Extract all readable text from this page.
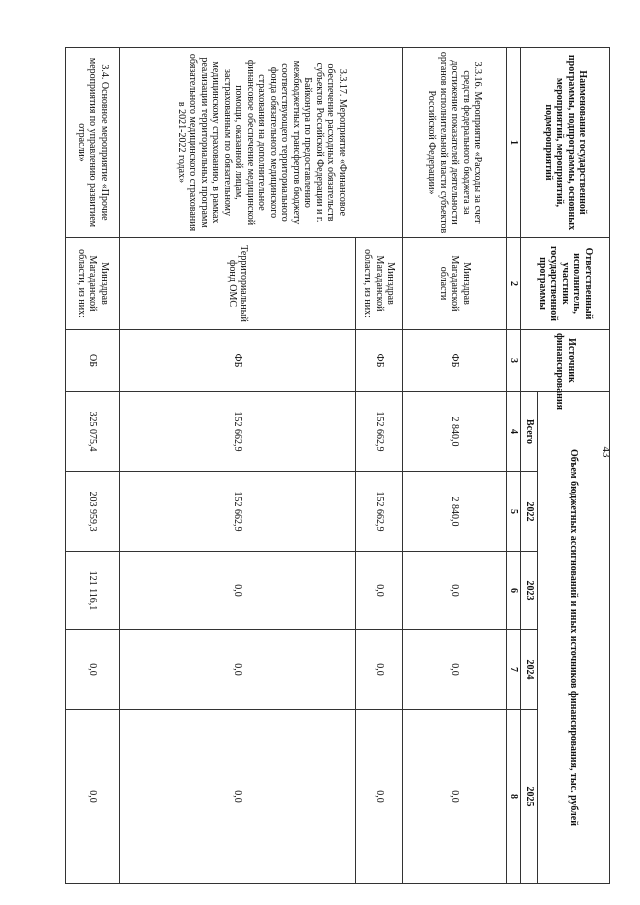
43
Наименование государственной программы, подпрограммы, основных мероприятий, мероприятий, подмероприятий	Ответственный исполнитель, участник государственной программы	Источник финансирования	Объем бюджетных ассигнований и иных источников финансирования, тыс. рублей				
			Всего	2022	2023	2024	2025
1	2	3	4	5	6	7	8
3.3.16. Мероприятие «Расходы за счет средств федерального бюджета за достижение показателей деятельности органов исполнительной власти субъектов Российской Федерации»	Минздрав Магаданской области	ФБ	2 840,0	2 840,0	0,0	0,0	0,0
3.3.17. Мероприятие «Финансовое обеспечение расходных обязательств субъектов Российской Федерации и г. Байконура по предоставлению межбюджетных трансфертов бюджету соответствующего территориального фонда обязательного медицинского страхования на дополнительное финансовое обеспечение медицинской помощи, оказанной лицам, застрахованным по обязательному медицинскому страхованию, в рамках реализации территориальных программ обязательного медицинского страхования в 2021-2022 годах»	Минздрав Магаданской области, из них:	ФБ	152 662,9	152 662,9	0,0	0,0	0,0
	Территориальный фонд ОМС	ФБ	152 662,9	152 662,9	0,0	0,0	0,0
3.4. Основное мероприятие «Прочие мероприятия по управлению развитием отрасли»	Минздрав Магаданской области, из них:	ОБ	325 075,4	203 959,3	121 116,1	0,0	0,0
